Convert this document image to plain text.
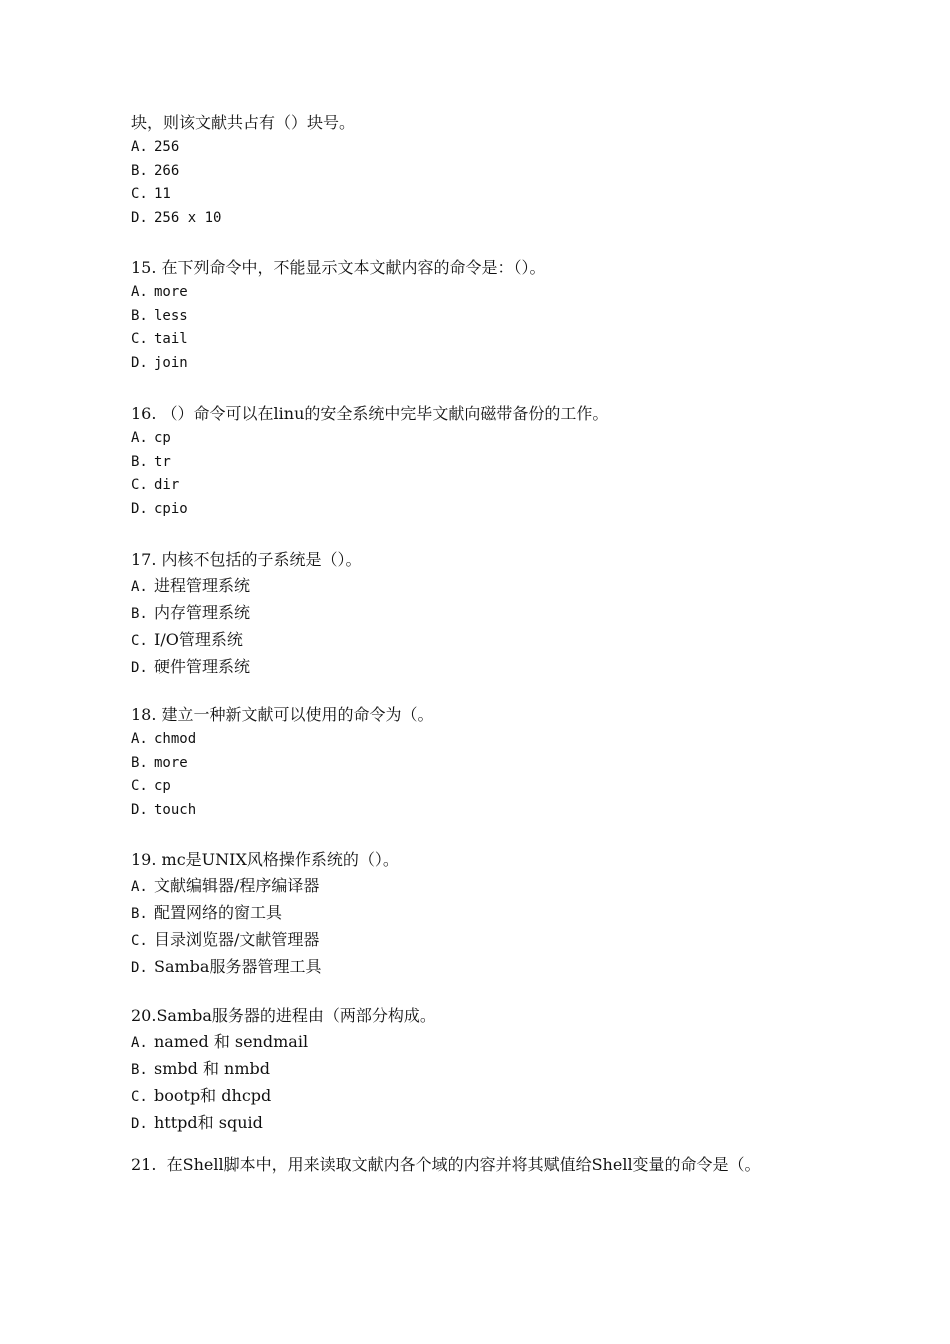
块，则该文献共占有（）块号。

A. 256
B. 266
C. 11
D. 256 x 10

15. 在下列命令中，不能显示文本文献内容的命令是：（）。

A. more
B. less
C. tail
D. join

16. （）命令可以在linu的安全系统中完毕文献向磁带备份的工作。

A. cp
B. tr
C. dir
D. cpio

17. 内核不包括的子系统是（）。

A. 进程管理系统
B. 内存管理系统
C. I/O管理系统
D. 硬件管理系统

18. 建立一种新文献可以使用的命令为（。

A. chmod
B. more
C. cp
D. touch

19. mc是UNIX风格操作系统的（）。

A. 文献编辑器/程序编译器
B. 配置网络的窗工具
C. 目录浏览器/文献管理器
D. Samba服务器管理工具

20.Samba服务器的进程由（两部分构成。

A. named 和 sendmail
B. smbd 和 nmbd
C. bootp和 dhcpd
D. httpd和 squid

21.  在Shell脚本中，用来读取文献内各个域的内容并将其赋值给Shell变量的命令是（。
